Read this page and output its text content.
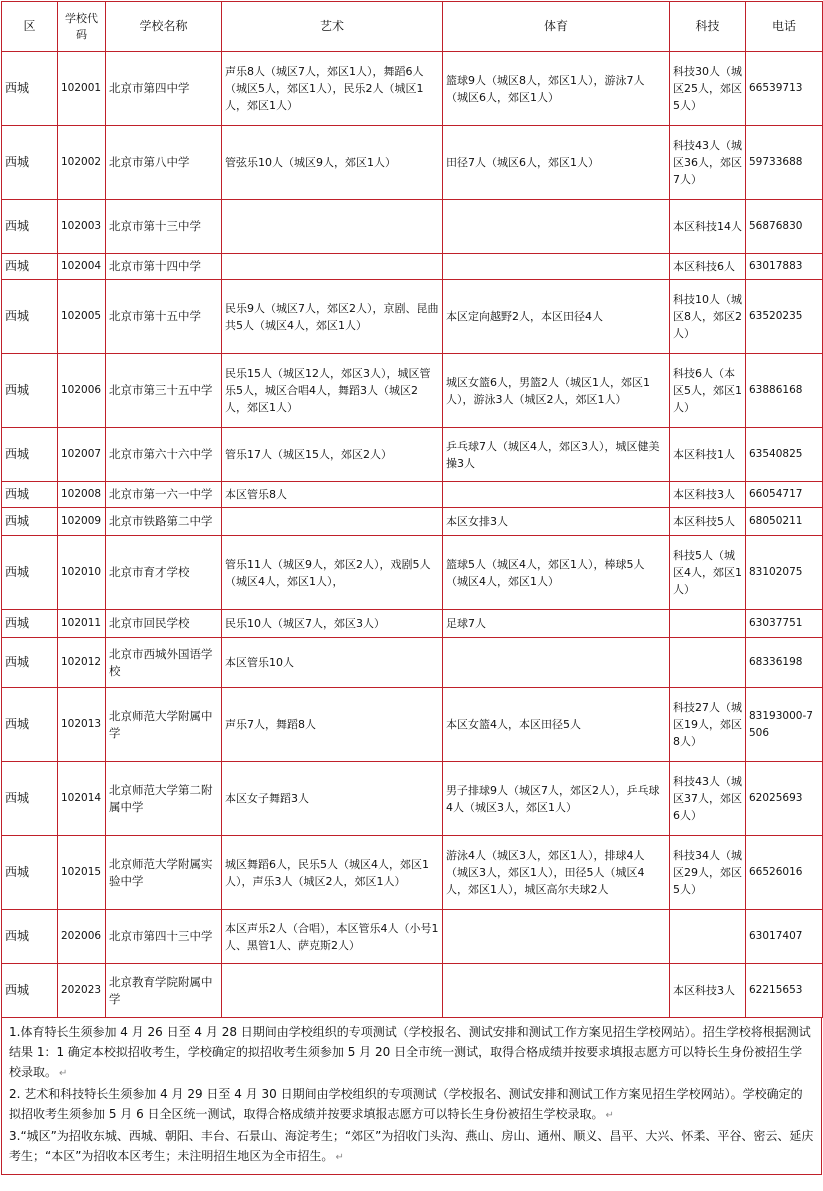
区	学校代码	学校名称	艺术	体育	科技	电话
西城	102001	北京市第四中学	声乐8人（城区7人，郊区1人），舞蹈6人（城区5人，郊区1人），民乐2人（城区1人，郊区1人）	篮球9人（城区8人，郊区1人），游泳7人（城区6人，郊区1人）	科技30人（城区25人，郊区5人）	66539713
西城	102002	北京市第八中学	管弦乐10人（城区9人，郊区1人）	田径7人（城区6人，郊区1人）	科技43人（城区36人，郊区7人）	59733688
西城	102003	北京市第十三中学			本区科技14人	56876830
西城	102004	北京市第十四中学			本区科技6人	63017883
西城	102005	北京市第十五中学	民乐9人（城区7人，郊区2人），京剧、昆曲共5人（城区4人，郊区1人）	本区定向越野2人，本区田径4人	科技10人（城区8人，郊区2人）	63520235
西城	102006	北京市第三十五中学	民乐15人（城区12人，郊区3人），城区管乐5人，城区合唱4人，舞蹈3人（城区2人，郊区1人）	城区女篮6人，男篮2人（城区1人，郊区1人），游泳3人（城区2人，郊区1人）	科技6人（本区5人，郊区1人）	63886168
西城	102007	北京市第六十六中学	管乐17人（城区15人，郊区2人）	乒乓球7人（城区4人，郊区3人），城区健美操3人	本区科技1人	63540825
西城	102008	北京市第一六一中学	本区管乐8人		本区科技3人	66054717
西城	102009	北京市铁路第二中学		本区女排3人	本区科技5人	68050211
西城	102010	北京市育才学校	管乐11人（城区9人，郊区2人），戏剧5人（城区4人，郊区1人），	篮球5人（城区4人，郊区1人），棒球5人（城区4人，郊区1人）	科技5人（城区4人，郊区1人）	83102075
西城	102011	北京市回民学校	民乐10人（城区7人，郊区3人）	足球7人		63037751
西城	102012	北京市西城外国语学校	本区管乐10人			68336198
西城	102013	北京师范大学附属中学	声乐7人，舞蹈8人	本区女篮4人，本区田径5人	科技27人（城区19人，郊区8人）	83193000-7506
西城	102014	北京师范大学第二附属中学	本区女子舞蹈3人	男子排球9人（城区7人，郊区2人），乒乓球4人（城区3人，郊区1人）	科技43人（城区37人，郊区6人）	62025693
西城	102015	北京师范大学附属实验中学	城区舞蹈6人，民乐5人（城区4人，郊区1人），声乐3人（城区2人，郊区1人）	游泳4人（城区3人，郊区1人），排球4人（城区3人，郊区1人），田径5人（城区4人，郊区1人），城区高尔夫球2人	科技34人（城区29人，郊区5人）	66526016
西城	202006	北京市第四十三中学	本区声乐2人（合唱），本区管乐4人（小号1人、黑管1人、萨克斯2人）			63017407
西城	202023	北京教育学院附属中学			本区科技3人	62215653

1.体育特长生须参加 4 月 26 日至 4 月 28 日期间由学校组织的专项测试（学校报名、测试安排和测试工作方案见招生学校网站）。招生学校将根据测试结果 1：1 确定本校拟招收考生，学校确定的拟招收考生须参加 5 月 20 日全市统一测试，取得合格成绩并按要求填报志愿方可以特长生身份被招生学校录取。 ↵

2. 艺术和科技特长生须参加 4 月 29 日至 4 月 30 日期间由学校组织的专项测试（学校报名、测试安排和测试工作方案见招生学校网站）。学校确定的拟招收考生须参加 5 月 6 日全区统一测试，取得合格成绩并按要求填报志愿方可以特长生身份被招生学校录取。 ↵

3.“城区”为招收东城、西城、朝阳、丰台、石景山、海淀考生；“郊区”为招收门头沟、燕山、房山、通州、顺义、昌平、大兴、怀柔、平谷、密云、延庆考生；“本区”为招收本区考生；未注明招生地区为全市招生。 ↵
